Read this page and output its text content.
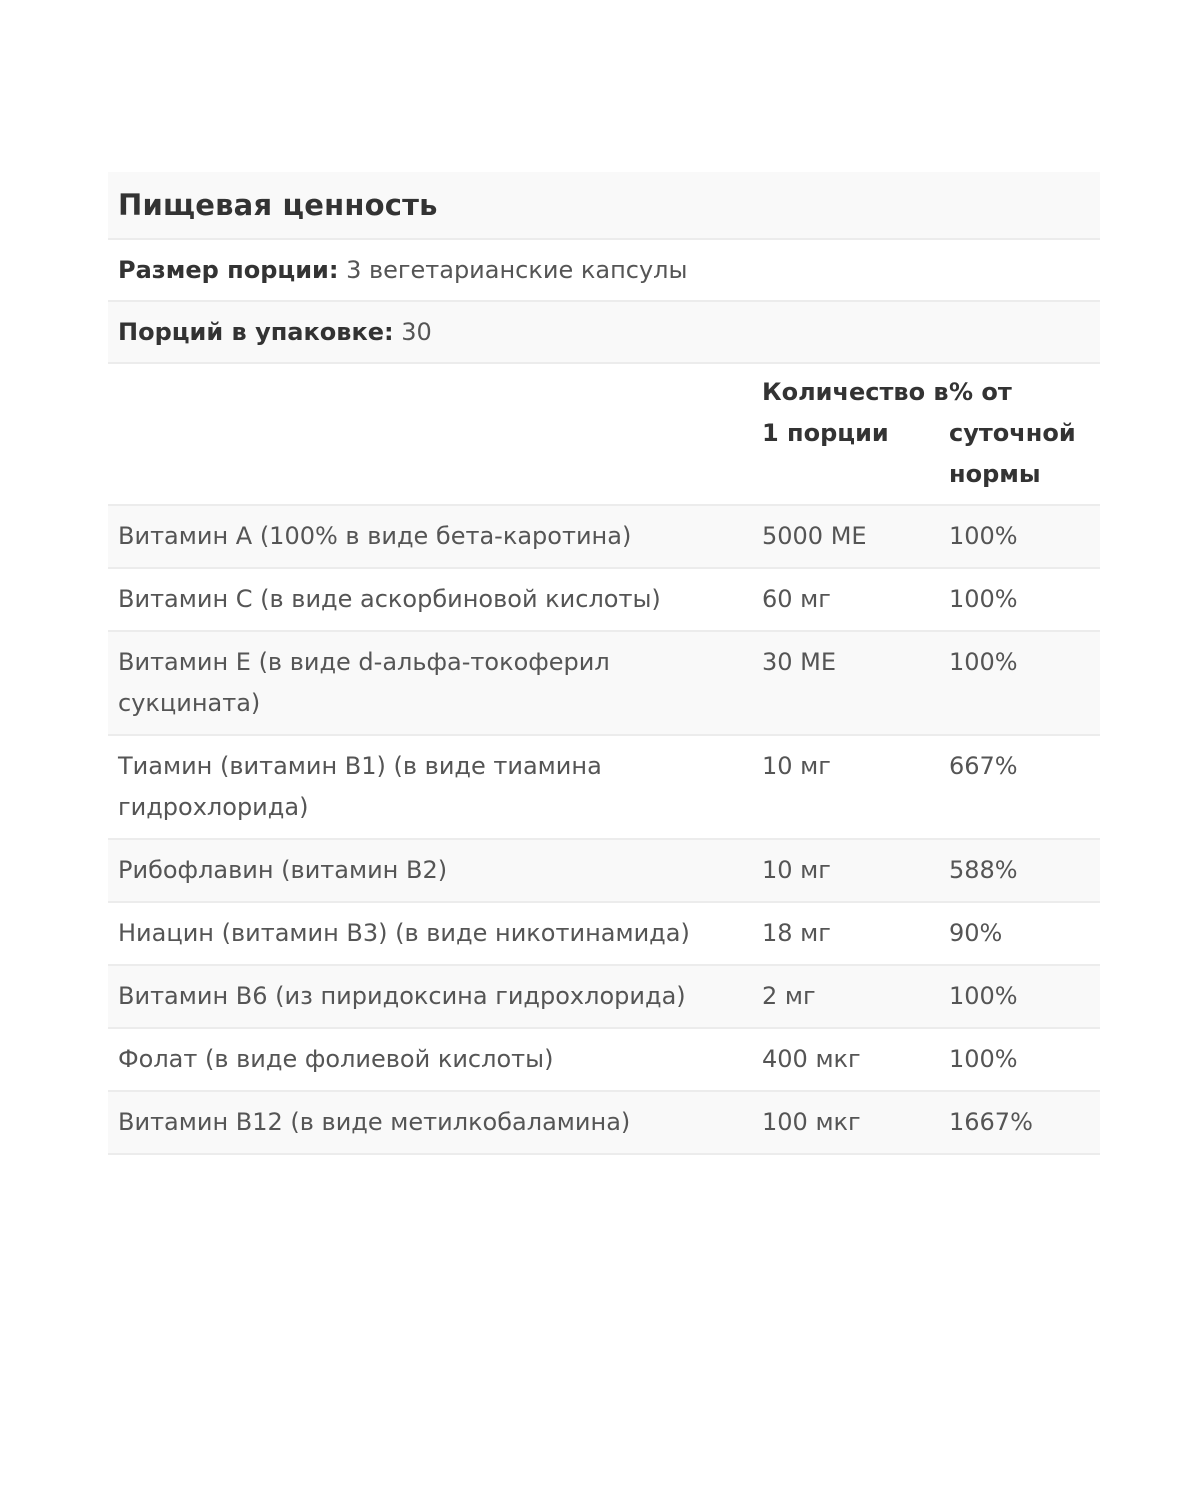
Пищевая ценность
Размер порции:
3 вегетарианские капсулы
Порций в упаковке:
30
	Количество в 1 порции	% от суточной нормы
Витамин А (100% в виде бета-каротина)	5000 МЕ	100%
Витамин C (в виде аскорбиновой кислоты)	60 мг	100%
Витамин E (в виде d-альфа-токоферил сукцината)	30 МЕ	100%
Тиамин (витамин B1) (в виде тиамина гидрохлорида)	10 мг	667%
Рибофлавин (витамин B2)	10 мг	588%
Ниацин (витамин B3) (в виде никотинамида)	18 мг	90%
Витамин B6 (из пиридоксина гидрохлорида)	2 мг	100%
Фолат (в виде фолиевой кислоты)	400 мкг	100%
Витамин B12 (в виде метилкобаламина)	100 мкг	1667%
